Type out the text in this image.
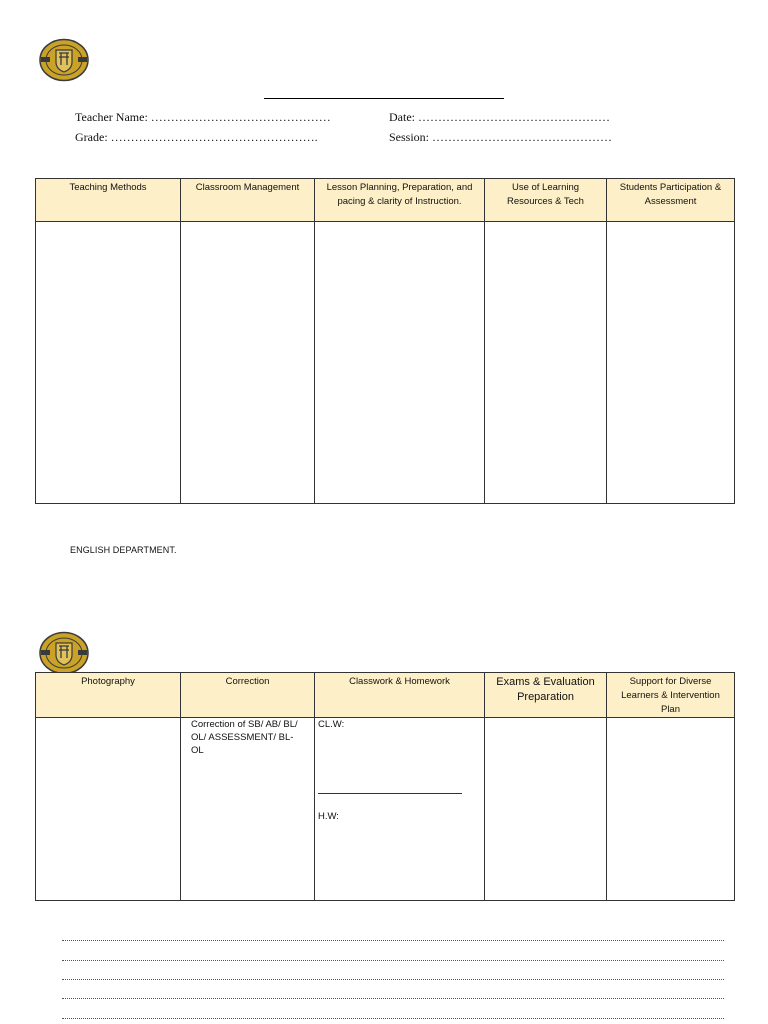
Teacher Name: ………………………………………	Date: …………………………………………
Grade: …………………………………………….	Session: ………………………………………
Teaching Methods	Classroom Management	Lesson Planning, Preparation, and pacing & clarity of Instruction.	Use of Learning Resources & Tech	Students Participation & Assessment

ENGLISH DEPARTMENT.
Photography	Correction	Classwork & Homework	Exams & Evaluation Preparation	Support for Diverse Learners & Intervention Plan

	Correction of SB/ AB/ BL/ OL/ ASSESSMENT/ BL-OL	CL.W:
H.W:		
